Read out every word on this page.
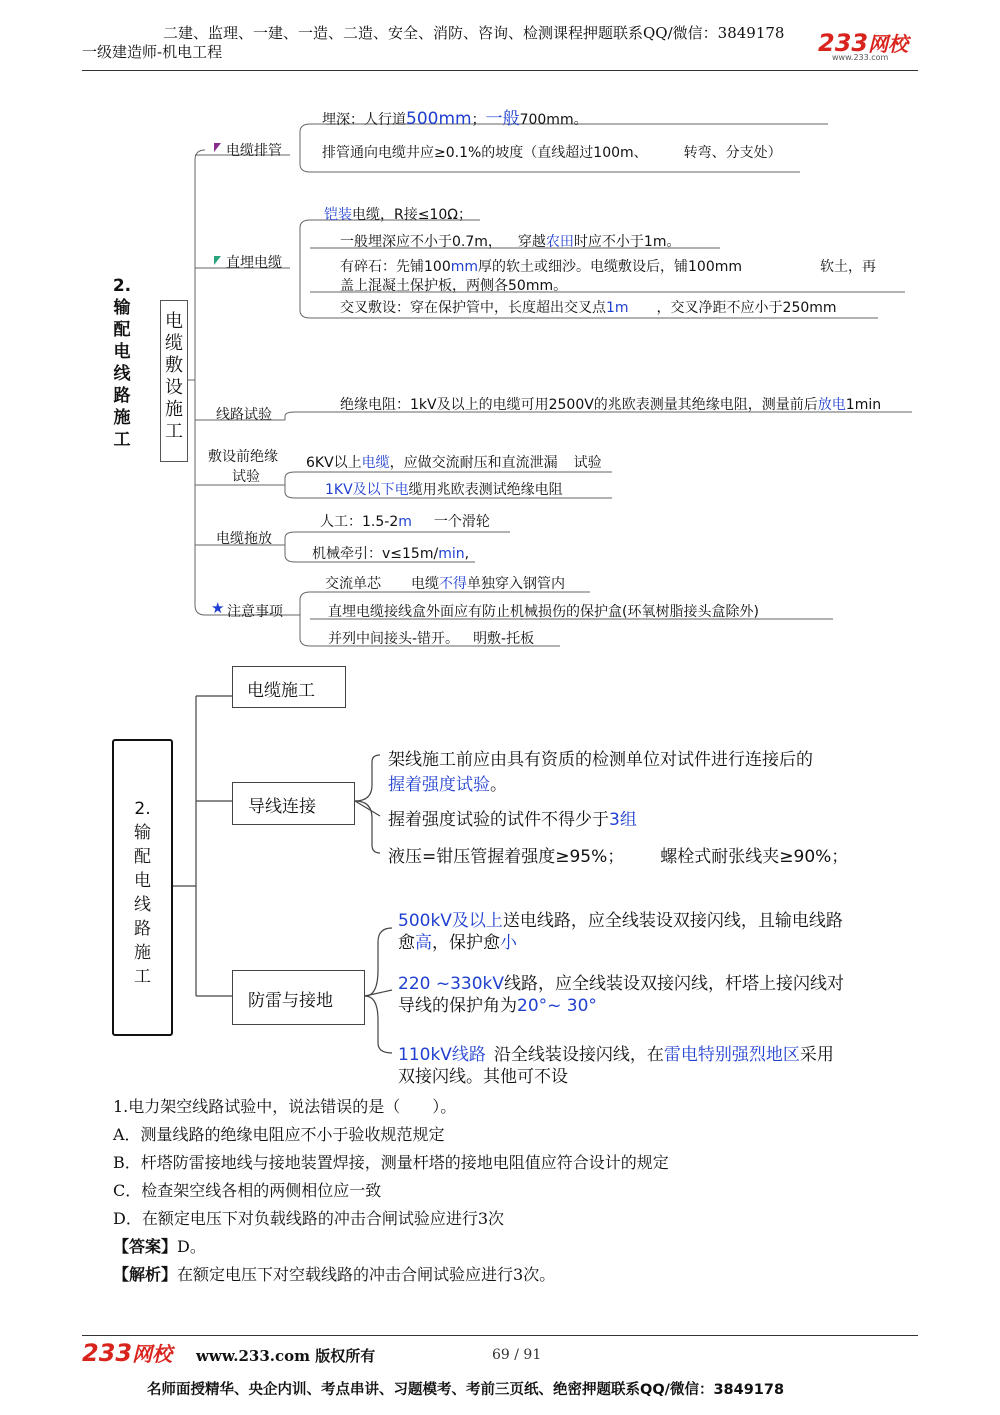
二建、监理、一建、一造、二造、安全、消防、咨询、检测课程押题联系QQ/微信：3849178
一级建造师-机电工程	233网校
www.233.com
2.输配电线路施工
电缆敷设施工
电缆排管
埋深：人行道500mm；一般700mm。
排管通向电缆井应≥0.1%的坡度（直线超过100m、	转弯、分支处）
直埋电缆
铠装电缆，R接≤10Ω；
一般埋深应不小于0.7m， 穿越农田时应不小于1m。
有碎石：先铺100mm厚的软土或细沙。电缆敷设后，铺100mm	软土，再
盖上混凝土保护板，两侧各50mm。
交叉敷设：穿在保护管中，长度超出交叉点1m ，交叉净距不应小于250mm
线路试验
绝缘电阻：1kV及以上的电缆可用2500V的兆欧表测量其绝缘电阻，测量前后放电1min
敷设前绝缘
试验
6KV以上电缆，应做交流耐压和直流泄漏 试验
1KV及以下电缆用兆欧表测试绝缘电阻
电缆拖放
人工：1.5-2m 一个滑轮
机械牵引：v≤15m/min,
★ 注意事项
交流单芯 电缆不得单独穿入钢管内
直埋电缆接线盒外面应有防止机械损伤的保护盒(环氧树脂接头盒除外)
并列中间接头-错开。 明敷-托板
2.输配电线路施工
电缆施工
导线连接
防雷与接地
架线施工前应由具有资质的检测单位对试件进行连接后的
握着强度试验。
握着强度试验的试件不得少于3组
液压=钳压管握着强度≥95%； 螺栓式耐张线夹≥90%；
500kV及以上送电线路，应全线装设双接闪线，且输电线路
愈高，保护愈小
220 ~330kV线路，应全线装设双接闪线，杆塔上接闪线对
导线的保护角为20°~ 30°
110kV线路 沿全线装设接闪线，在雷电特别强烈地区采用
双接闪线。其他可不设
1.电力架空线路试验中，说法错误的是（　　）。
A．测量线路的绝缘电阻应不小于验收规范规定
B．杆塔防雷接地线与接地装置焊接，测量杆塔的接地电阻值应符合设计的规定
C．检查架空线各相的两侧相位应一致
D．在额定电压下对负载线路的冲击合闸试验应进行3次
【答案】D。
【解析】在额定电压下对空载线路的冲击合闸试验应进行3次。
233网校 www.233.com 版权所有	69 / 91
名师面授精华、央企内训、考点串讲、习题模考、考前三页纸、绝密押题联系QQ/微信：3849178
